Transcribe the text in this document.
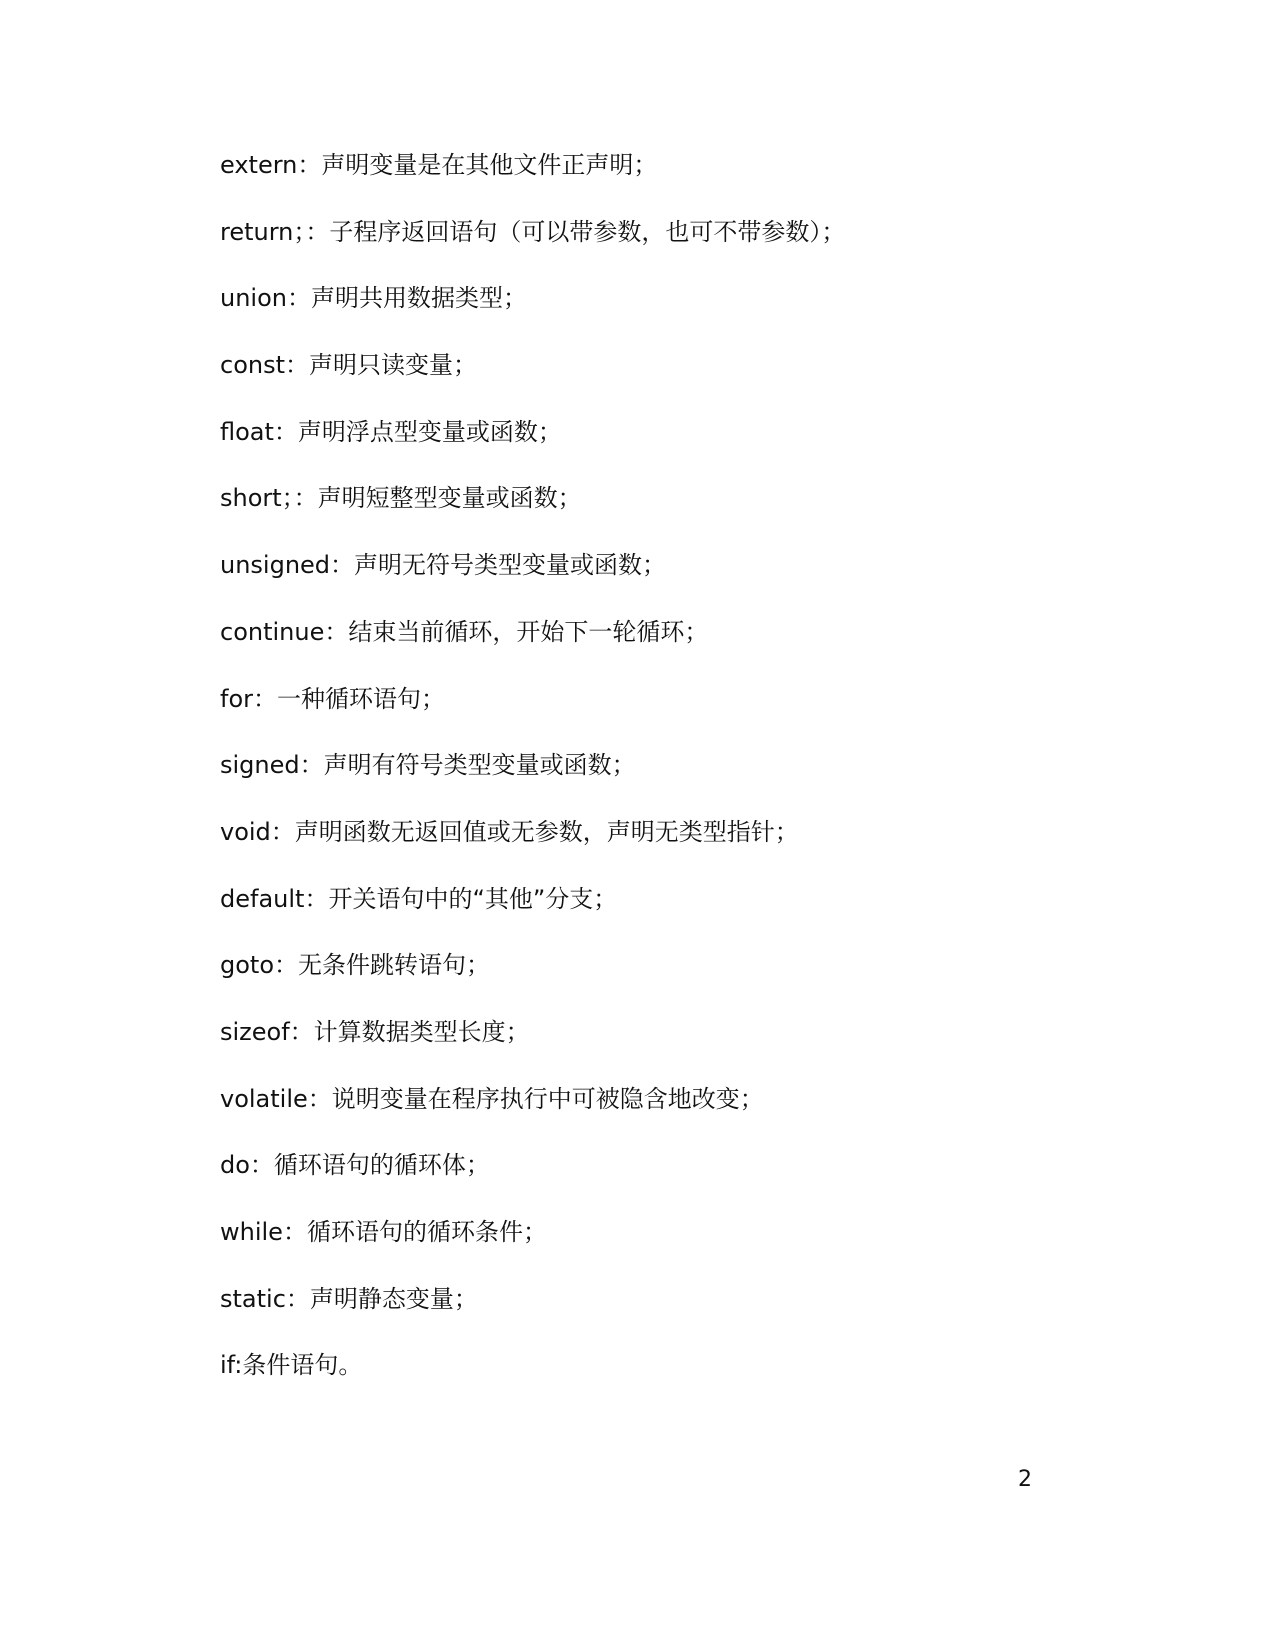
extern：声明变量是在其他文件正声明；
return；：子程序返回语句（可以带参数，也可不带参数）；
union：声明共用数据类型；
const：声明只读变量；
float：声明浮点型变量或函数；
short；：声明短整型变量或函数；
unsigned：声明无符号类型变量或函数；
continue：结束当前循环，开始下一轮循环；
for：一种循环语句；
signed：声明有符号类型变量或函数；
void：声明函数无返回值或无参数，声明无类型指针；
default：开关语句中的“其他”分支；
goto：无条件跳转语句；
sizeof：计算数据类型长度；
volatile：说明变量在程序执行中可被隐含地改变；
do：循环语句的循环体；
while：循环语句的循环条件；
static：声明静态变量；
if:条件语句。
2
